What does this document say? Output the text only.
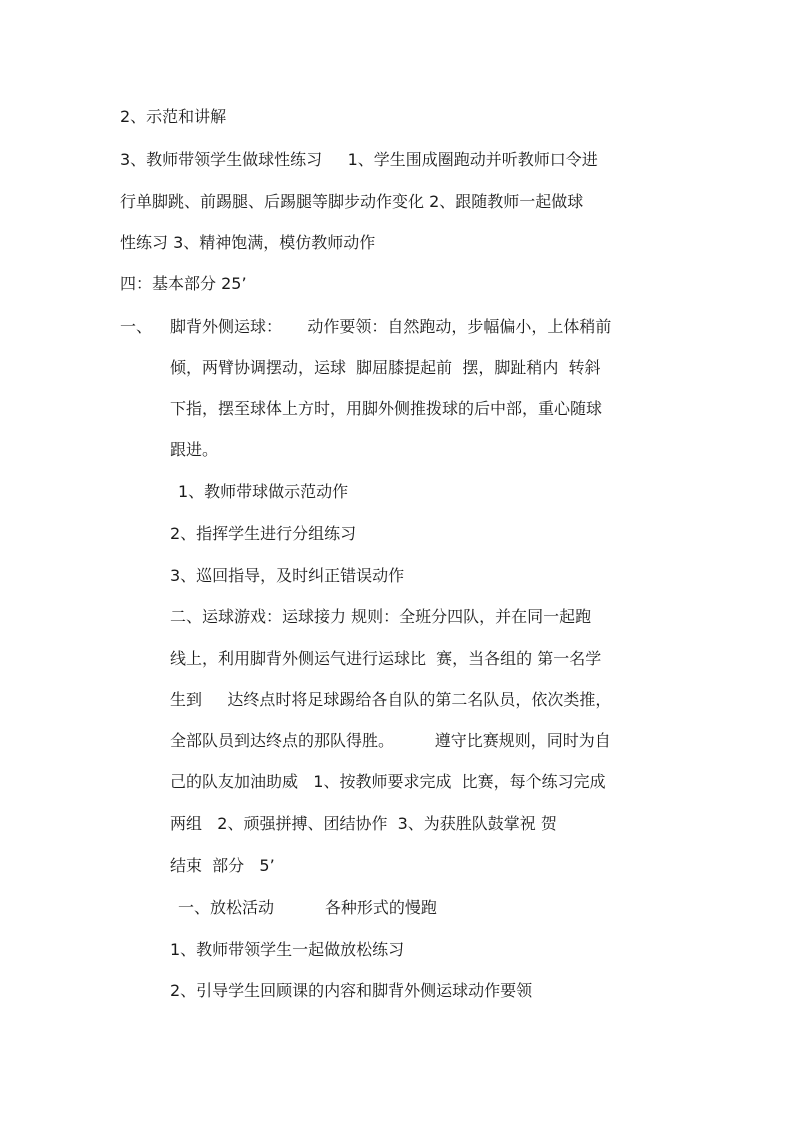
2、示范和讲解
3、教师带领学生做球性练习     1、学生围成圈跑动并听教师口令进
行单脚跳、前踢腿、后踢腿等脚步动作变化 2、跟随教师一起做球
性练习 3、精神饱满，模仿教师动作
四：基本部分 25’
一、 脚背外侧运球：     动作要领：自然跑动，步幅偏小，上体稍前
倾，两臂协调摆动，运球  脚屈膝提起前  摆，脚趾稍内  转斜
下指，摆至球体上方时，用脚外侧推拨球的后中部，重心随球
跟进。
1、教师带球做示范动作
2、指挥学生进行分组练习
3、巡回指导，及时纠正错误动作
二、运球游戏：运球接力 规则：全班分四队，并在同一起跑
线上，利用脚背外侧运气进行运球比  赛，当各组的 第一名学
生到     达终点时将足球踢给各自队的第二名队员，依次类推，
全部队员到达终点的那队得胜。        遵守比赛规则，同时为自
己的队友加油助威   1、按教师要求完成  比赛，每个练习完成
两组   2、顽强拼搏、团结协作  3、为获胜队鼓掌祝 贺
结束  部分   5’
一、放松活动          各种形式的慢跑
1、教师带领学生一起做放松练习
2、引导学生回顾课的内容和脚背外侧运球动作要领
